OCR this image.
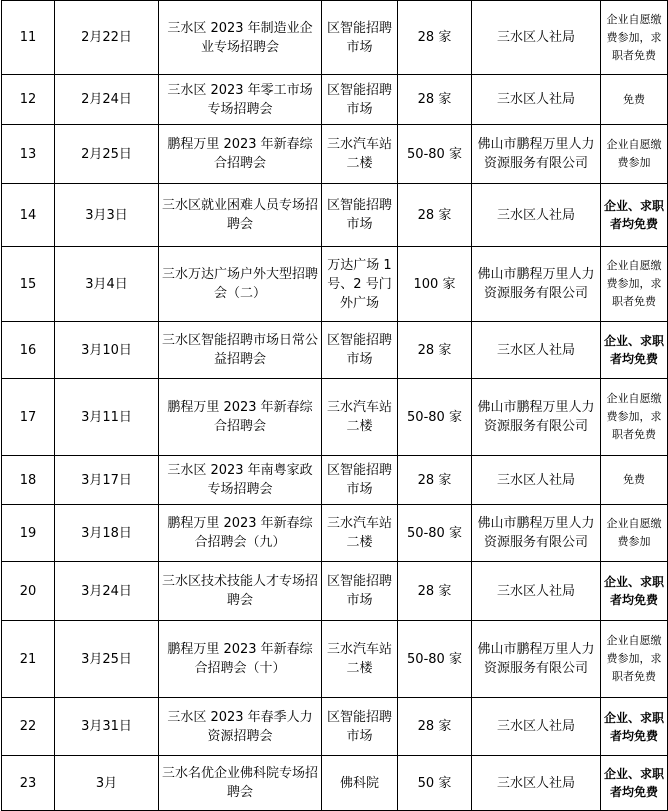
11	2月22日	三水区 2023 年制造业企业专场招聘会	区智能招聘市场	28 家	三水区人社局	企业自愿缴费参加，求职者免费
12	2月24日	三水区 2023 年零工市场专场招聘会	区智能招聘市场	28 家	三水区人社局	免费
13	2月25日	鹏程万里 2023 年新春综合招聘会	三水汽车站二楼	50-80 家	佛山市鹏程万里人力资源服务有限公司	企业自愿缴费参加
14	3月3日	三水区就业困难人员专场招聘会	区智能招聘市场	28 家	三水区人社局	企业、求职者均免费
15	3月4日	三水万达广场户外大型招聘会（二）	万达广场 1 号、2 号门外广场	100 家	佛山市鹏程万里人力资源服务有限公司	企业自愿缴费参加，求职者免费
16	3月10日	三水区智能招聘市场日常公益招聘会	区智能招聘市场	28 家	三水区人社局	企业、求职者均免费
17	3月11日	鹏程万里 2023 年新春综合招聘会	三水汽车站二楼	50-80 家	佛山市鹏程万里人力资源服务有限公司	企业自愿缴费参加，求职者免费
18	3月17日	三水区 2023 年南粤家政专场招聘会	区智能招聘市场	28 家	三水区人社局	免费
19	3月18日	鹏程万里 2023 年新春综合招聘会（九）	三水汽车站二楼	50-80 家	佛山市鹏程万里人力资源服务有限公司	企业自愿缴费参加
20	3月24日	三水区技术技能人才专场招聘会	区智能招聘市场	28 家	三水区人社局	企业、求职者均免费
21	3月25日	鹏程万里 2023 年新春综合招聘会（十）	三水汽车站二楼	50-80 家	佛山市鹏程万里人力资源服务有限公司	企业自愿缴费参加，求职者免费
22	3月31日	三水区 2023 年春季人力资源招聘会	区智能招聘市场	28 家	三水区人社局	企业、求职者均免费
23	3月	三水名优企业佛科院专场招聘会	佛科院	50 家	三水区人社局	企业、求职者均免费
